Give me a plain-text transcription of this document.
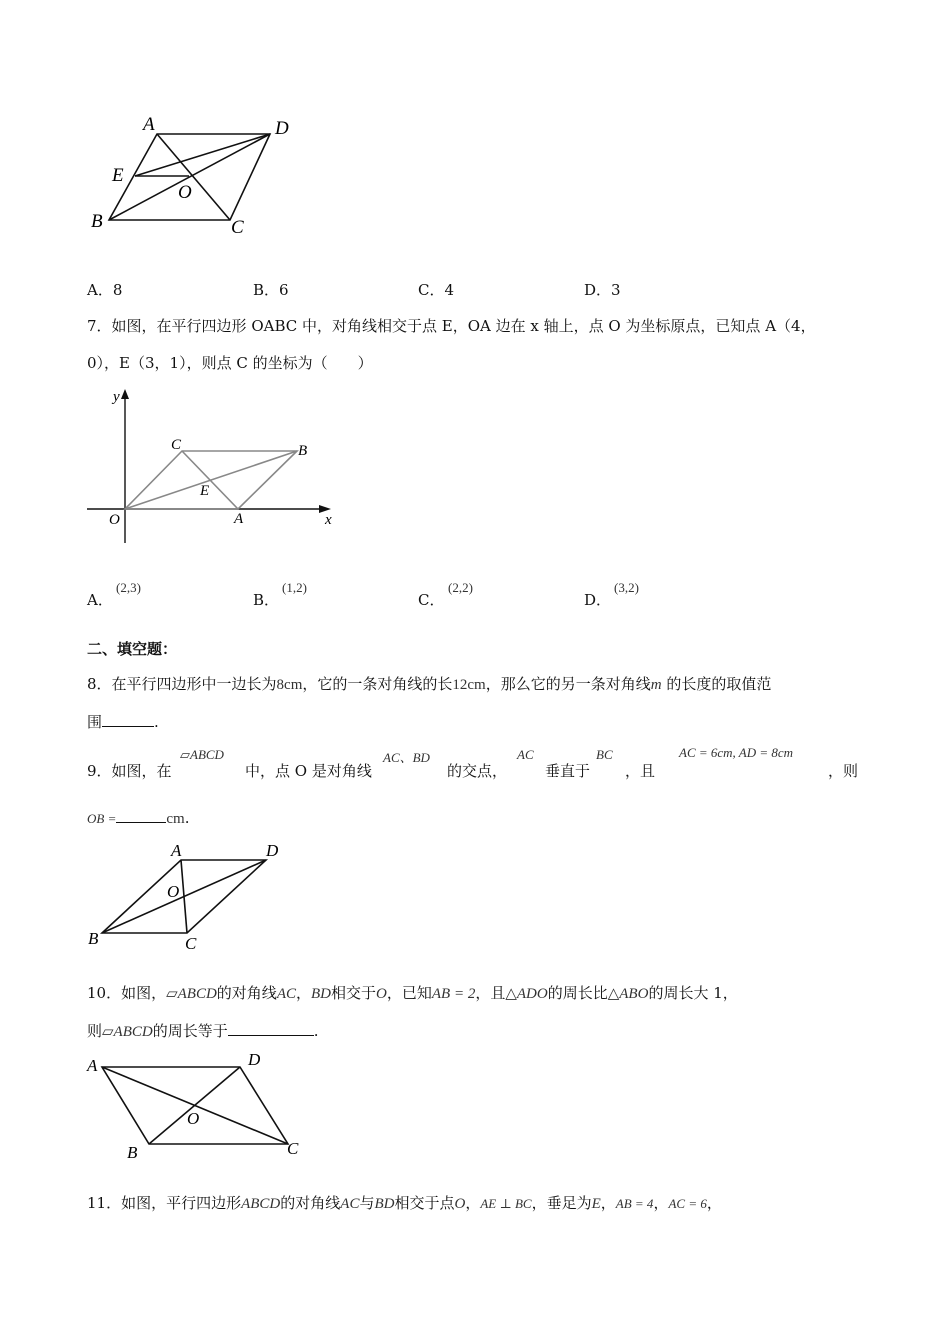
A	D
E
O
B	C
A．8	B．6	C．4	D．3
7．如图，在平行四边形 OABC 中，对角线相交于点 E，OA 边在 x 轴上，点 O 为坐标原点，已知点 A（4，
0），E（3，1），则点 C 的坐标为（　　）
y
x
O
C	B
E
A
A．
(2,3)
B．
(1,2)
C．
(2,2)
D．
(3,2)
二、填空题：
8．在平行四边形中一边长为8cm，它的一条对角线的长12cm，那么它的另一条对角线m 的长度的取值范
围	.
▱ABCD	AC、BD	AC	BC	AC = 6cm, AD = 8cm
9．如图，在	中，点 O 是对角线	的交点，	垂直于 ，且	，则
OB =	cm.
A	D
O
B	C
10．如图，▱ABCD的对角线AC，BD相交于O，已知AB = 2，且△ADO的周长比△ABO的周长大 1，
则▱ABCD的周长等于	.
A	D
O
B	C
11．如图，平行四边形ABCD的对角线AC与BD相交于点O，AE ⊥ BC，垂足为E，AB = 4，AC = 6，
